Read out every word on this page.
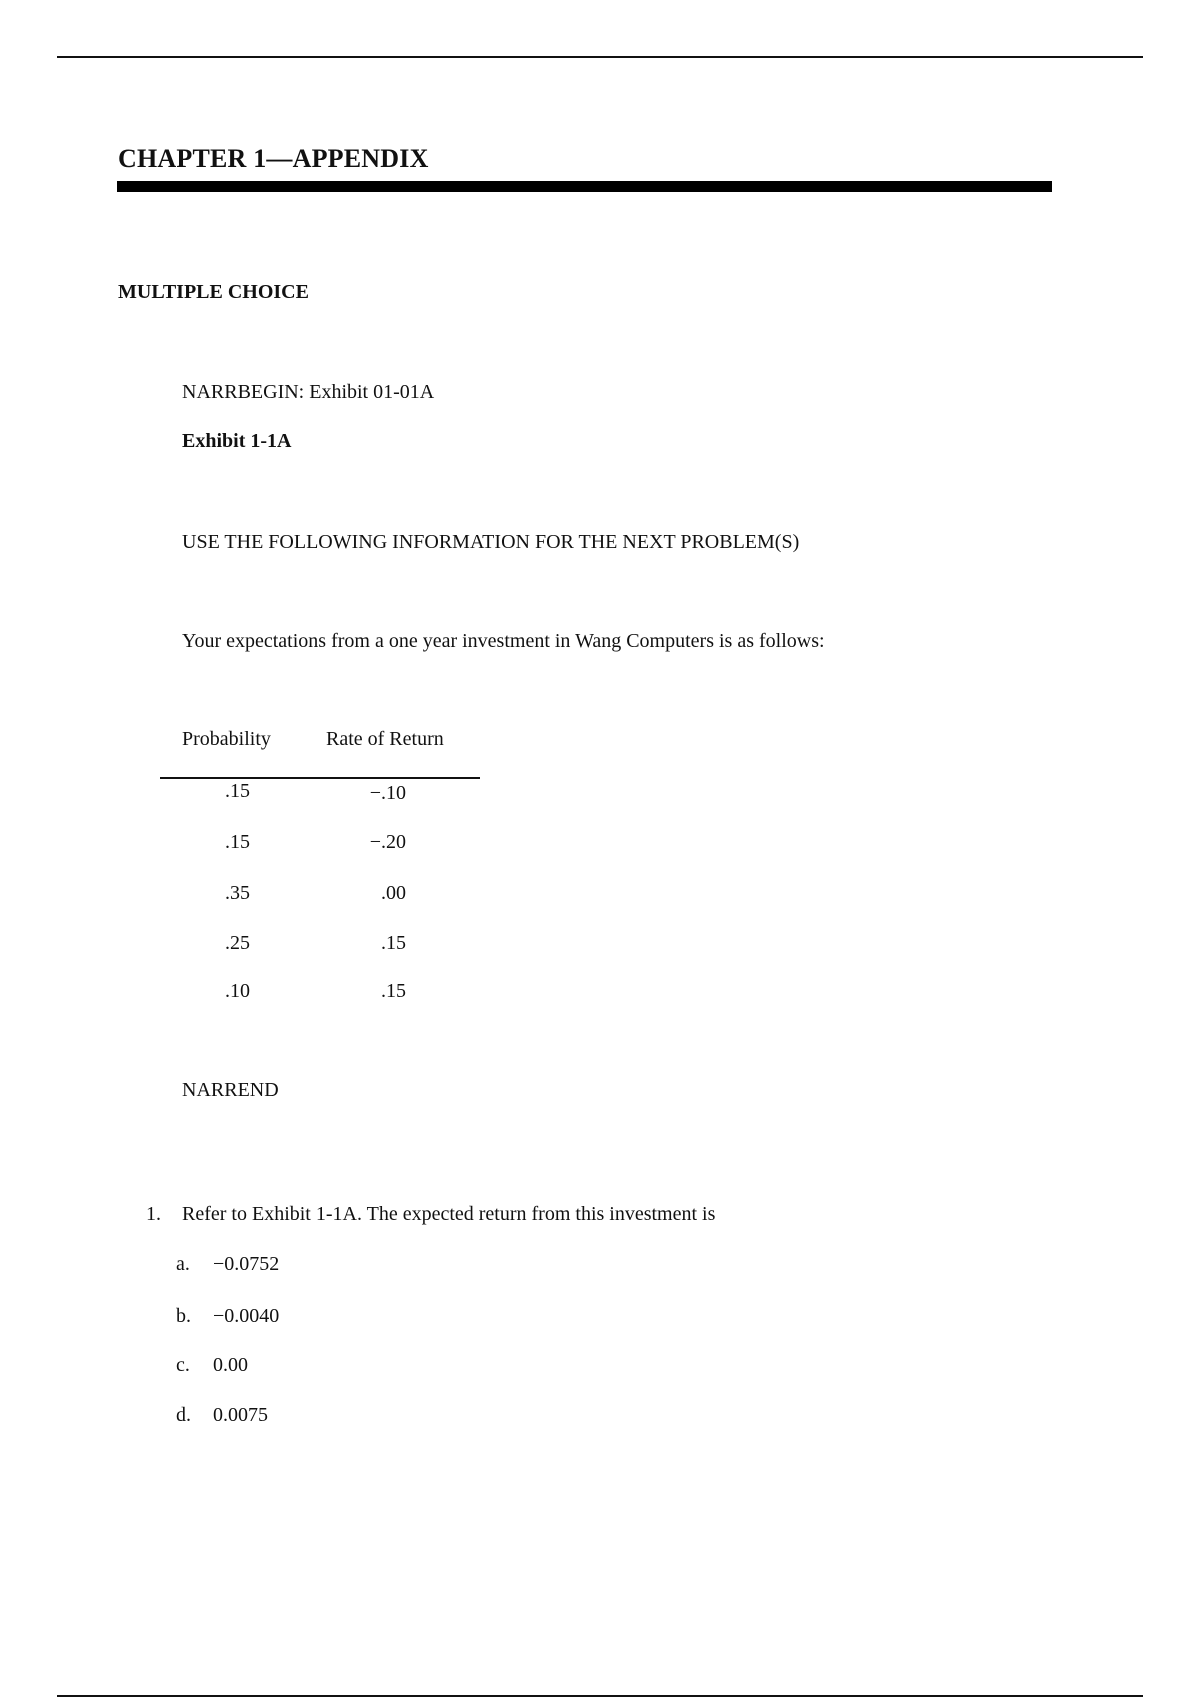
CHAPTER 1—APPENDIX
MULTIPLE CHOICE

NARRBEGIN: Exhibit 01-01A

Exhibit 1-1A

USE THE FOLLOWING INFORMATION FOR THE NEXT PROBLEM(S)

Your expectations from a one year investment in Wang Computers is as follows:

Probability	Rate of Return
.15	−.10
.15	−.20
.35	.00
.25	.15
.10	.15

NARREND

1. Refer to Exhibit 1-1A. The expected return from this investment is
a. −0.0752
b. −0.0040
c. 0.00
d. 0.0075
